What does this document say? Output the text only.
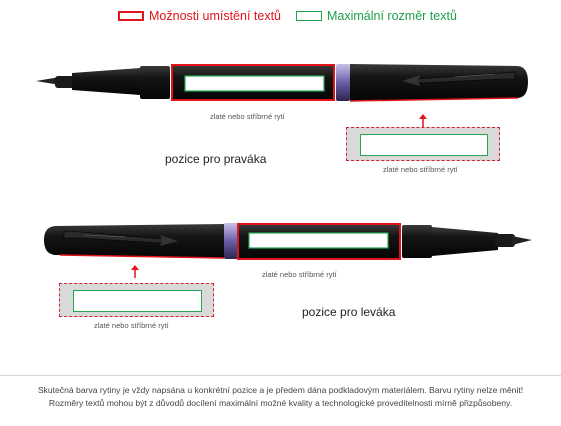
Možnosti umístění textů	Maximální rozměr textů
zlaté nebo stříbrné rytí
zlaté nebo stříbrné rytí
pozice pro praváka
zlaté nebo stříbrné rytí
zlaté nebo stříbrné rytí
pozice pro leváka
Skutečná barva rytiny je vždy napsána u konkrétní pozice a je předem dána podkladovým materiálem. Barvu rytiny nelze měnit!
Rozměry textů mohou být z důvodů docílení maximální možné kvality a technologické proveditelnosti mírně přizpůsobeny.
